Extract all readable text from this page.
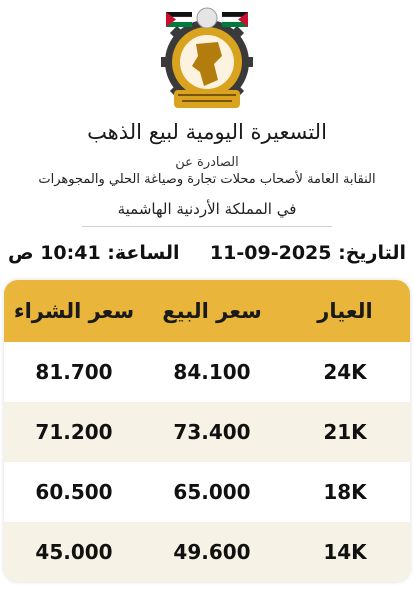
التسعيرة اليومية لبيع الذهب
الصادرة عن
النقابة العامة لأصحاب محلات تجارة وصياغة الحلي والمجوهرات
في المملكة الأردنية الهاشمية
التاريخ: 2025-09-11
الساعة: 10:41 ص
العيار
سعر البيع
سعر الشراء
24K
84.100
81.700
21K
73.400
71.200
18K
65.000
60.500
14K
49.600
45.000
